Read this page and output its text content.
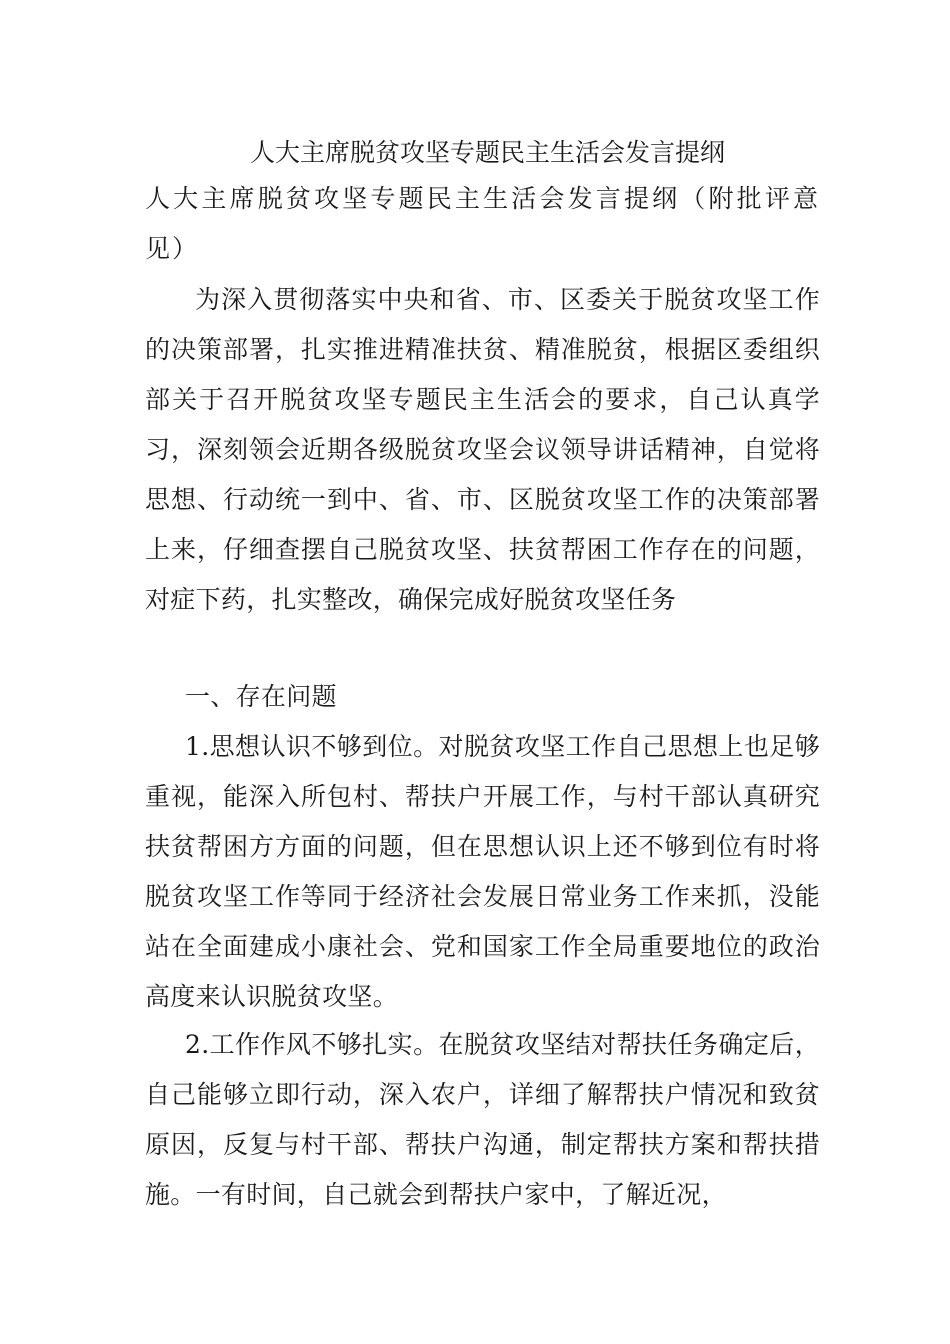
人大主席脱贫攻坚专题民主生活会发言提纲

人大主席脱贫攻坚专题民主生活会发言提纲（附批评意见）

为深入贯彻落实中央和省、市、区委关于脱贫攻坚工作的决策部署，扎实推进精准扶贫、精准脱贫，根据区委组织部关于召开脱贫攻坚专题民主生活会的要求，自己认真学习，深刻领会近期各级脱贫攻坚会议领导讲话精神，自觉将思想、行动统一到中、省、市、区脱贫攻坚工作的决策部署上来，仔细查摆自己脱贫攻坚、扶贫帮困工作存在的问题，对症下药，扎实整改，确保完成好脱贫攻坚任务

一、存在问题

1.思想认识不够到位。对脱贫攻坚工作自己思想上也足够重视，能深入所包村、帮扶户开展工作，与村干部认真研究扶贫帮困方方面的问题，但在思想认识上还不够到位有时将脱贫攻坚工作等同于经济社会发展日常业务工作来抓，没能站在全面建成小康社会、党和国家工作全局重要地位的政治高度来认识脱贫攻坚。

2.工作作风不够扎实。在脱贫攻坚结对帮扶任务确定后，自己能够立即行动，深入农户，详细了解帮扶户情况和致贫原因，反复与村干部、帮扶户沟通，制定帮扶方案和帮扶措施。一有时间，自己就会到帮扶户家中，了解近况，
